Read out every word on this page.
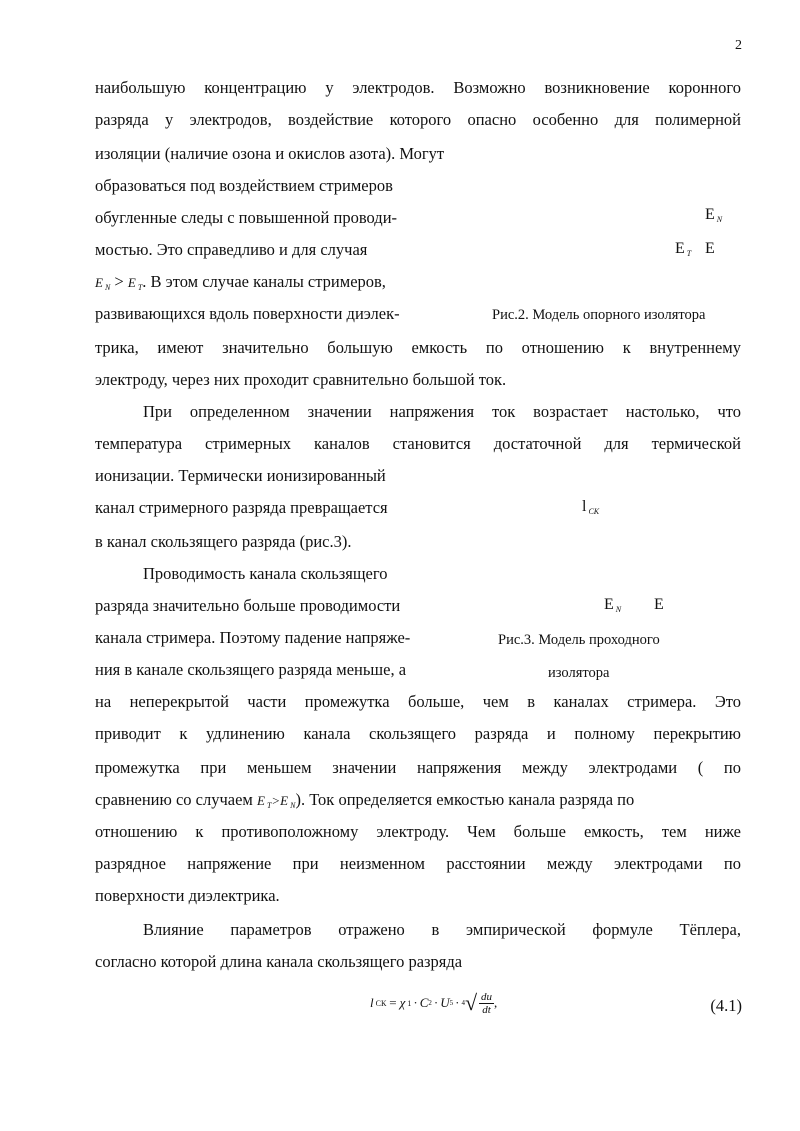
2
наибольшую концентрацию у электродов. Возможно возникновение коронного
разряда у электродов, воздействие которого опасно особенно для полимерной
изоляции (наличие озона и окислов азота). Могут
образоваться под воздействием стримеров
обугленные следы с повышенной проводи-
мостью. Это справедливо и для случая
E $_N$ > E $_T$. В этом случае каналы стримеров,
развивающихся вдоль поверхности диэлек-
трика, имеют значительно большую емкость по отношению к внутреннему
электроду, через них проходит сравнительно большой ток.
При определенном значении напряжения ток возрастает настолько, что
температура стримерных каналов становится достаточной для термической
ионизации. Термически ионизированный
канал стримерного разряда превращается
в канал скользящего разряда (рис.3).
Проводимость канала скользящего
разряда значительно больше проводимости
канала стримера. Поэтому падение напряже-
ния в канале скользящего разряда меньше, а
на неперекрытой части промежутка больше, чем в каналах стримера. Это
приводит к удлинению канала скользящего разряда и полному перекрытию
промежутка при меньшем значении напряжения между электродами ( по
сравнению со случаем E $_T$>E $_N$). Ток определяется емкостью канала разряда по
отношению к противоположному электроду. Чем больше емкость, тем ниже
разрядное напряжение при неизменном расстоянии между электродами по
поверхности диэлектрика.
Влияние параметров отражено в эмпирической формуле Тёплера,
согласно которой длина канала скользящего разряда
E $_N$
E $_T$ E
Рис.2. Модель опорного изолятора
l $_{CK}$
E $_N$ E
Рис.3. Модель проходного
изолятора
l СК = χ 1 · C 2 · U 5 · 4 √ $\frac{du}{dt}$ ,	(4.1)
